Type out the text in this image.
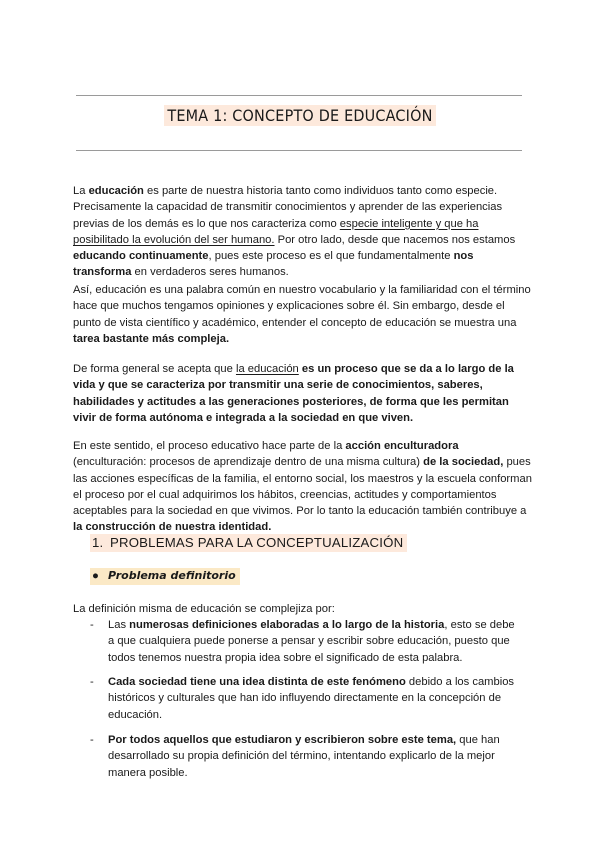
TEMA 1: CONCEPTO DE EDUCACIÓN

La educación es parte de nuestra historia tanto como individuos tanto como especie. Precisamente la capacidad de transmitir conocimientos y aprender de las experiencias previas de los demás es lo que nos caracteriza como especie inteligente y que ha posibilitado la evolución del ser humano. Por otro lado, desde que nacemos nos estamos educando continuamente, pues este proceso es el que fundamentalmente nos transforma en verdaderos seres humanos.

Así, educación es una palabra común en nuestro vocabulario y la familiaridad con el término hace que muchos tengamos opiniones y explicaciones sobre él. Sin embargo, desde el punto de vista científico y académico, entender el concepto de educación se muestra una tarea bastante más compleja.

De forma general se acepta que la educación es un proceso que se da a lo largo de la vida y que se caracteriza por transmitir una serie de conocimientos, saberes, habilidades y actitudes a las generaciones posteriores, de forma que les permitan vivir de forma autónoma e integrada a la sociedad en que viven.

En este sentido, el proceso educativo hace parte de la acción enculturadora (enculturación: procesos de aprendizaje dentro de una misma cultura) de la sociedad, pues las acciones específicas de la familia, el entorno social, los maestros y la escuela conforman el proceso por el cual adquirimos los hábitos, creencias, actitudes y comportamientos aceptables para la sociedad en que vivimos. Por lo tanto la educación también contribuye a la construcción de nuestra identidad.

1. PROBLEMAS PARA LA CONCEPTUALIZACIÓN
● Problema definitorio

La definición misma de educación se complejiza por:

- Las numerosas definiciones elaboradas a lo largo de la historia, esto se debe a que cualquiera puede ponerse a pensar y escribir sobre educación, puesto que todos tenemos nuestra propia idea sobre el significado de esta palabra.
- Cada sociedad tiene una idea distinta de este fenómeno debido a los cambios históricos y culturales que han ido influyendo directamente en la concepción de educación.
- Por todos aquellos que estudiaron y escribieron sobre este tema, que han desarrollado su propia definición del término, intentando explicarlo de la mejor manera posible.
